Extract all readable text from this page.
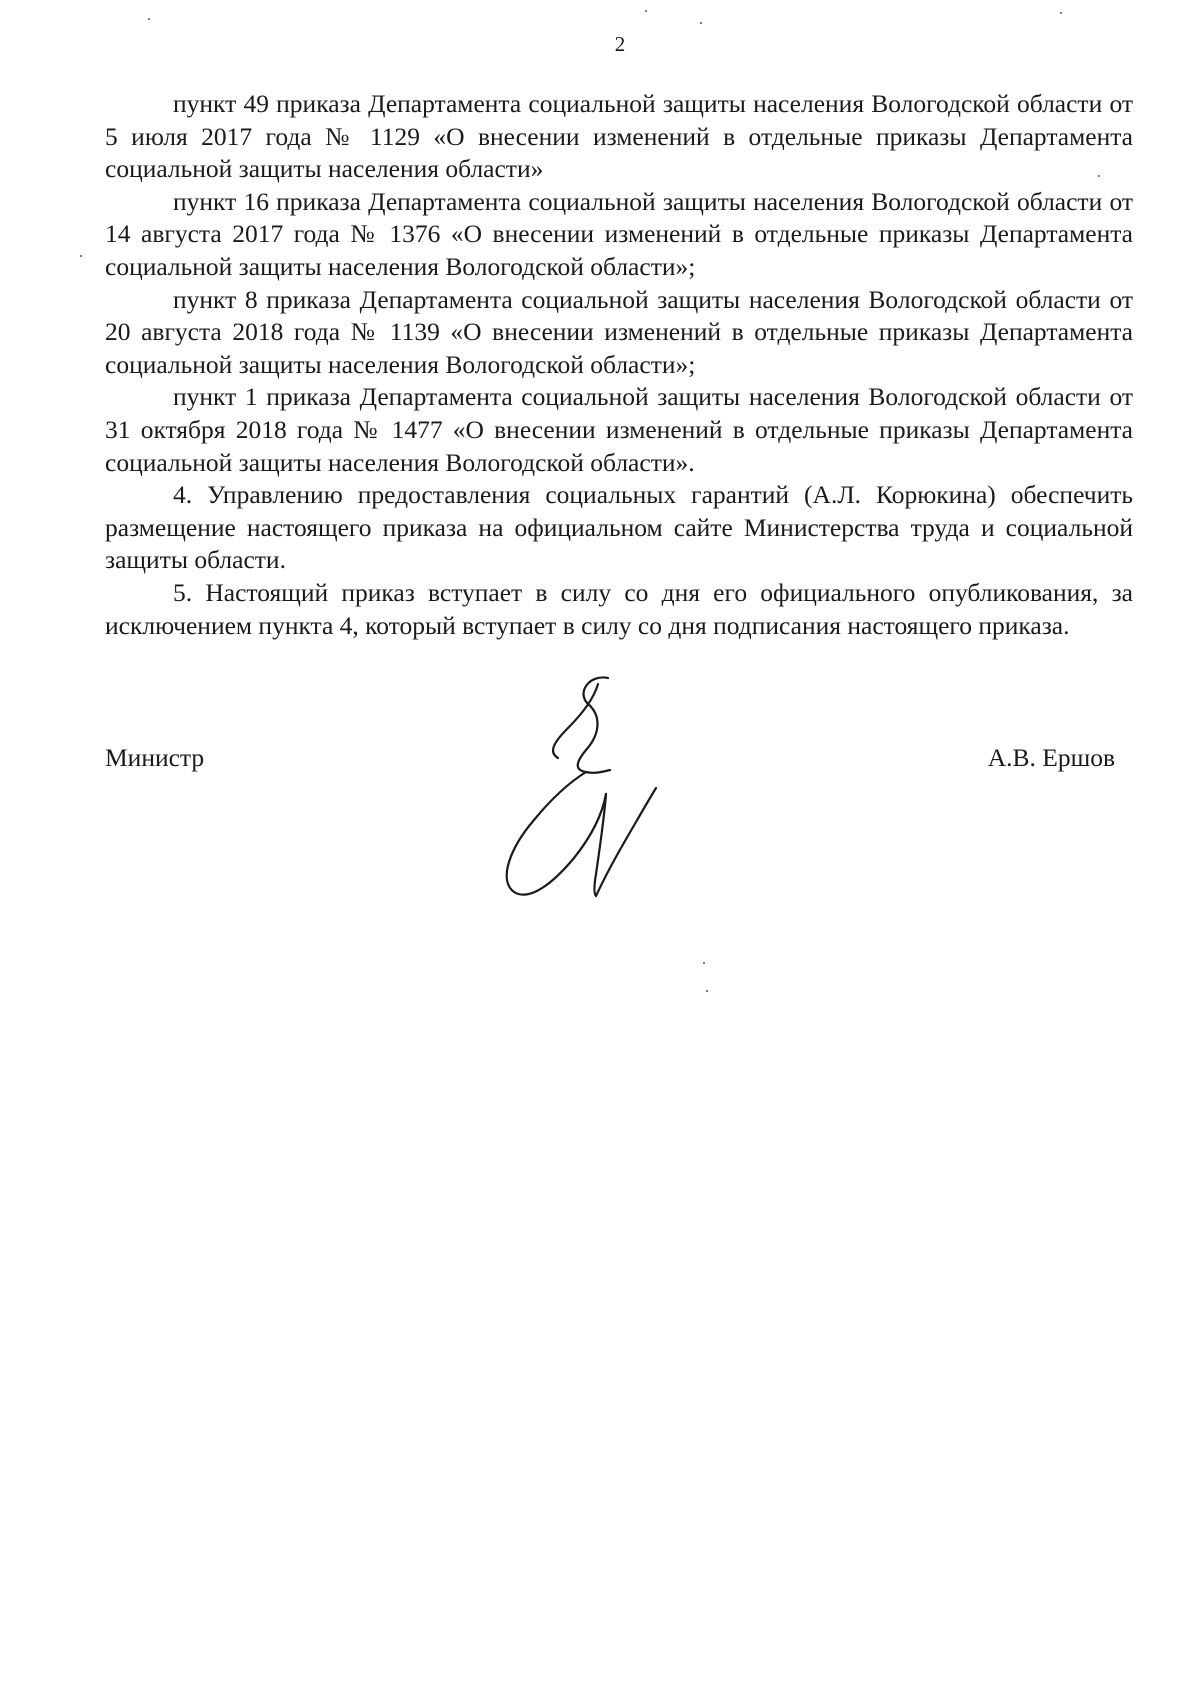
2

пункт 49 приказа Департамента социальной защиты населения Вологодской области от 5 июля 2017 года № 1129 «О внесении изменений в отдельные приказы Департамента социальной защиты населения области»

пункт 16 приказа Департамента социальной защиты населения Вологодской области от 14 августа 2017 года № 1376 «О внесении изменений в отдельные приказы Департамента социальной защиты населения Вологодской области»;

пункт 8 приказа Департамента социальной защиты населения Вологодской области от 20 августа 2018 года № 1139 «О внесении изменений в отдельные приказы Департамента социальной защиты населения Вологодской области»;

пункт 1 приказа Департамента социальной защиты населения Вологодской области от 31 октября 2018 года № 1477 «О внесении изменений в отдельные приказы Департамента социальной защиты населения Вологодской области».

4. Управлению предоставления социальных гарантий (А.Л. Корюкина) обеспечить размещение настоящего приказа на официальном сайте Министерства труда и социальной защиты области.

5. Настоящий приказ вступает в силу со дня его официального опубликования, за исключением пункта 4, который вступает в силу со дня подписания настоящего приказа.

Министр	А.В. Ершов
